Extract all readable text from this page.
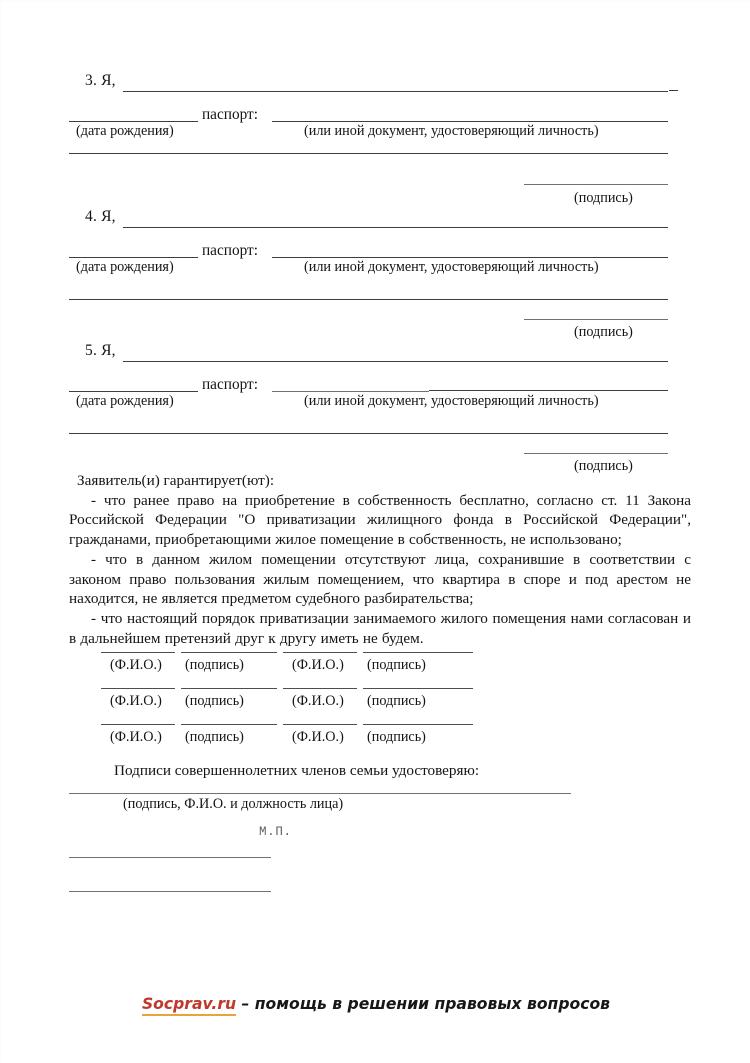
3. Я,
паспорт:
(дата рождения)	(или иной документ, удостоверяющий личность)
(подпись)
4. Я,
паспорт:
(дата рождения)	(или иной документ, удостоверяющий личность)
(подпись)
5. Я,
паспорт:
(дата рождения)	(или иной документ, удостоверяющий личность)
(подпись)

Заявитель(и) гарантирует(ют):

- что ранее право на приобретение в собственность бесплатно, согласно ст. 11 Закона Российской Федерации "О приватизации жилищного фонда в Российской Федерации", гражданами, приобретающими жилое помещение в собственность, не использовано;

- что в данном жилом помещении отсутствуют лица, сохранившие в соответствии с законом право пользования жилым помещением, что квартира в споре и под арестом не находится, не является предметом судебного разбирательства;

- что настоящий порядок приватизации занимаемого жилого помещения нами согласован и в дальнейшем претензий друг к другу иметь не будем.

(Ф.И.О.) (подпись)	(Ф.И.О.) (подпись)
(Ф.И.О.) (подпись)	(Ф.И.О.) (подпись)
(Ф.И.О.) (подпись)	(Ф.И.О.) (подпись)
Подписи совершеннолетних членов семьи удостоверяю:
(подпись, Ф.И.О. и должность лица)
М.П.
Socprav.ru – помощь в решении правовых вопросов
